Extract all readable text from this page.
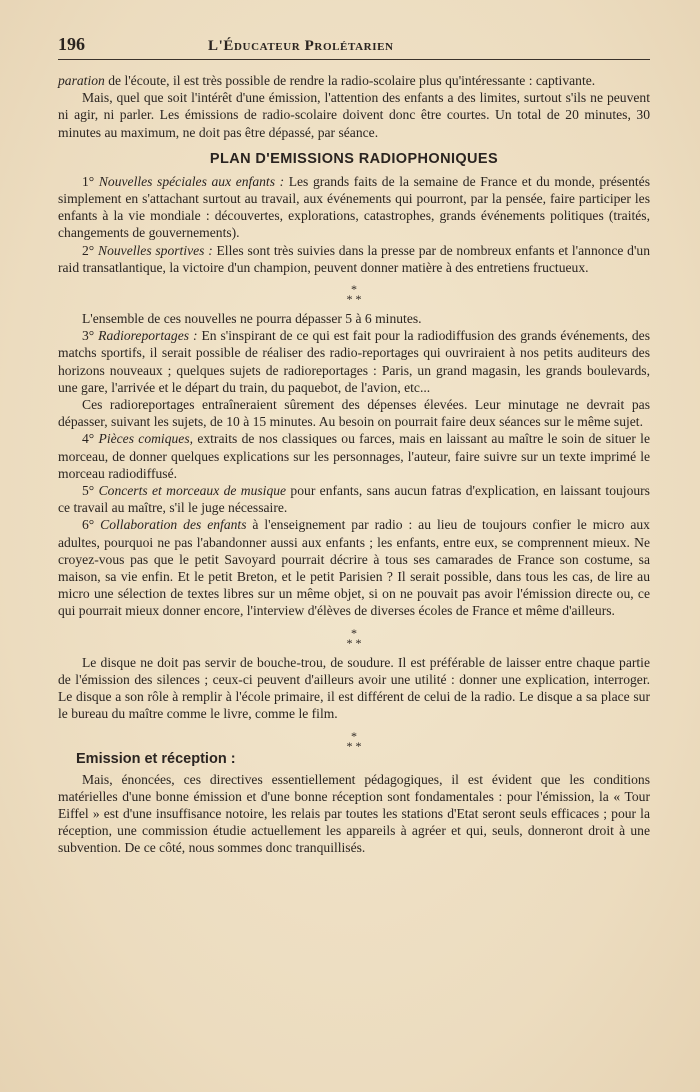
196	L'Éducateur Prolétarien

paration de l'écoute, il est très possible de rendre la radio-scolaire plus qu'intéressante : captivante.

Mais, quel que soit l'intérêt d'une émission, l'attention des enfants a des limites, surtout s'ils ne peuvent ni agir, ni parler. Les émissions de radio-scolaire doivent donc être courtes. Un total de 20 minutes, 30 minutes au maximum, ne doit pas être dépassé, par séance.

PLAN D'EMISSIONS RADIOPHONIQUES

1° Nouvelles spéciales aux enfants : Les grands faits de la semaine de France et du monde, présentés simplement en s'attachant surtout au travail, aux événements qui pourront, par la pensée, faire participer les enfants à la vie mondiale : découvertes, explorations, catastrophes, grands événements politiques (traités, changements de gouvernements).

2° Nouvelles sportives : Elles sont très suivies dans la presse par de nombreux enfants et l'annonce d'un raid transatlantique, la victoire d'un champion, peuvent donner matière à des entretiens fructueux.

*
* *

L'ensemble de ces nouvelles ne pourra dépasser 5 à 6 minutes.

3° Radioreportages : En s'inspirant de ce qui est fait pour la radiodiffusion des grands événements, des matchs sportifs, il serait possible de réaliser des radio-reportages qui ouvriraient à nos petits auditeurs des horizons nouveaux ; quelques sujets de radioreportages : Paris, un grand magasin, les grands boulevards, une gare, l'arrivée et le départ du train, du paquebot, de l'avion, etc...

Ces radioreportages entraîneraient sûrement des dépenses élevées. Leur minutage ne devrait pas dépasser, suivant les sujets, de 10 à 15 minutes. Au besoin on pourrait faire deux séances sur le même sujet.

4° Pièces comiques, extraits de nos classiques ou farces, mais en laissant au maître le soin de situer le morceau, de donner quelques explications sur les personnages, l'auteur, faire suivre sur un texte imprimé le morceau radiodiffusé.

5° Concerts et morceaux de musique pour enfants, sans aucun fatras d'explication, en laissant toujours ce travail au maître, s'il le juge nécessaire.

6° Collaboration des enfants à l'enseignement par radio : au lieu de toujours confier le micro aux adultes, pourquoi ne pas l'abandonner aussi aux enfants ; les enfants, entre eux, se comprennent mieux. Ne croyez-vous pas que le petit Savoyard pourrait décrire à tous ses camarades de France son costume, sa maison, sa vie enfin. Et le petit Breton, et le petit Parisien ? Il serait possible, dans tous les cas, de lire au micro une sélection de textes libres sur un même objet, si on ne pouvait pas avoir l'émission directe ou, ce qui pourrait mieux donner encore, l'interview d'élèves de diverses écoles de France et même d'ailleurs.

*
* *

Le disque ne doit pas servir de bouche-trou, de soudure. Il est préférable de laisser entre chaque partie de l'émission des silences ; ceux-ci peuvent d'ailleurs avoir une utilité : donner une explication, interroger. Le disque a son rôle à remplir à l'école primaire, il est différent de celui de la radio. Le disque a sa place sur le bureau du maître comme le livre, comme le film.

*
* *
Emission et réception :

Mais, énoncées, ces directives essentiellement pédagogiques, il est évident que les conditions matérielles d'une bonne émission et d'une bonne réception sont fondamentales : pour l'émission, la « Tour Eiffel » est d'une insuffisance notoire, les relais par toutes les stations d'Etat seront seuls efficaces ; pour la réception, une commission étudie actuellement les appareils à agréer et qui, seuls, donneront droit à une subvention. De ce côté, nous sommes donc tranquillisés.
